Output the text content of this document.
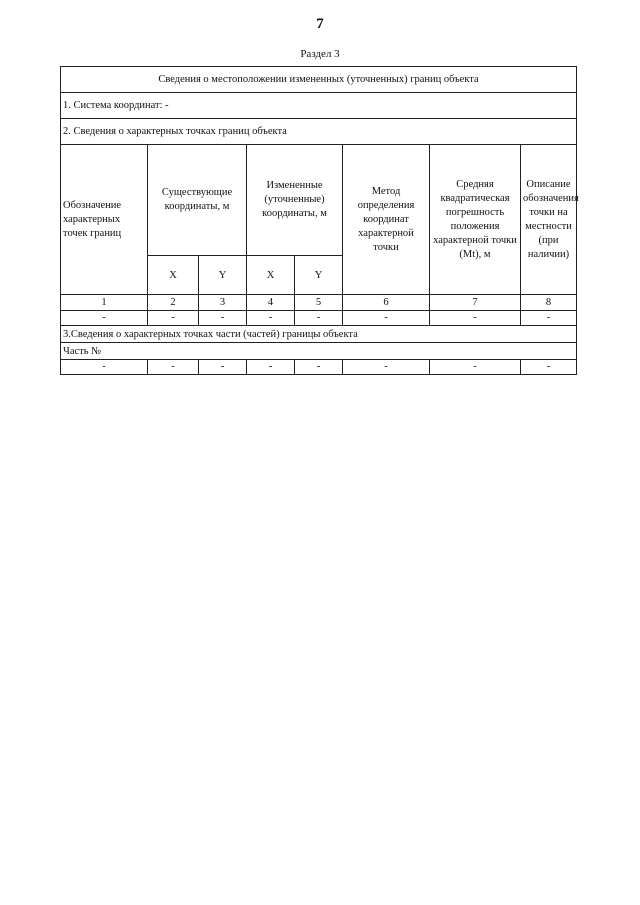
7
Раздел 3
Сведения о местоположении измененных (уточненных) границ объекта							
1. Система координат: -							
2. Сведения о характерных точках границ объекта							
Обозначение характерных точек границ	Существующие координаты, м		Измененные (уточненные) координаты, м		Метод определения координат характерной точки	Средняя квадратическая погрешность положения характерной точки (Mt), м	Описание обозначения точки на местности (при наличии)
	X	Y	X	Y			
1	2	3	4	5	6	7	8
-	-	-	-	-	-	-	-
3.Сведения о характерных точках части (частей) границы объекта							
Часть №							
-	-	-	-	-	-	-	-
